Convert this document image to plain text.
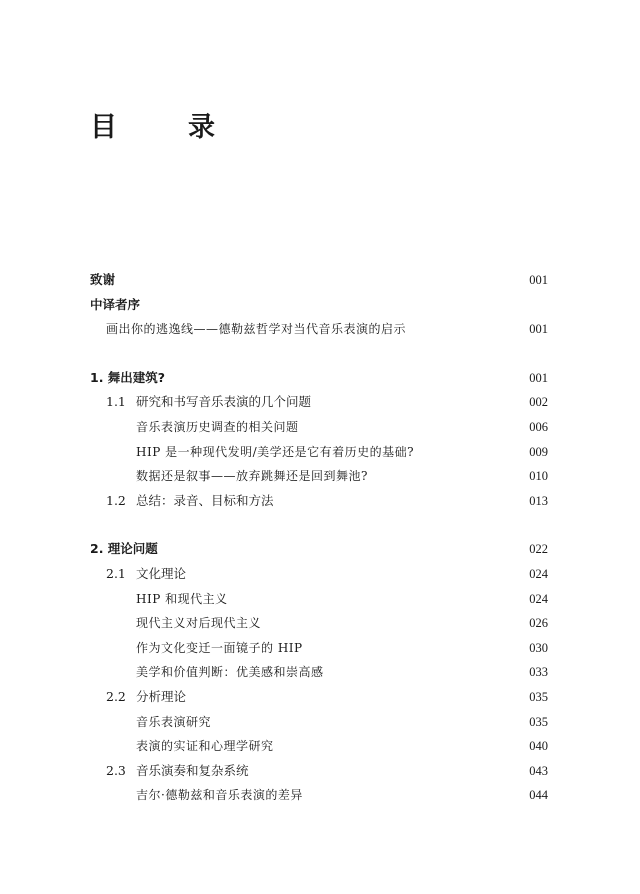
目　录
致谢	001
中译者序
画出你的逃逸线——德勒兹哲学对当代音乐表演的启示	001
1. 舞出建筑?	001
1.1 研究和书写音乐表演的几个问题	002
音乐表演历史调查的相关问题	006
HIP 是一种现代发明/美学还是它有着历史的基础?	009
数据还是叙事——放弃跳舞还是回到舞池?	010
1.2 总结：录音、目标和方法	013
2. 理论问题	022
2.1 文化理论	024
HIP 和现代主义	024
现代主义对后现代主义	026
作为文化变迁一面镜子的 HIP	030
美学和价值判断：优美感和崇高感	033
2.2 分析理论	035
音乐表演研究	035
表演的实证和心理学研究	040
2.3 音乐演奏和复杂系统	043
吉尔·德勒兹和音乐表演的差异	044
